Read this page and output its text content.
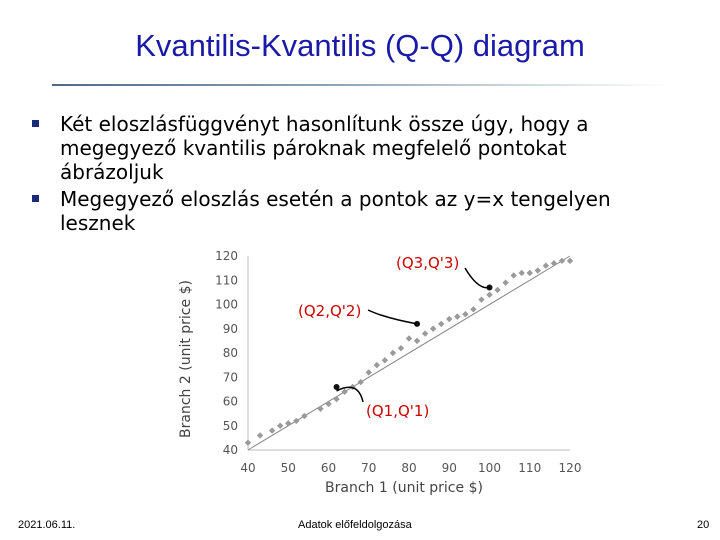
Kvantilis-Kvantilis (Q-Q) diagram
Két eloszlásfüggvényt hasonlítunk össze úgy, hogy a megegyező kvantilis pároknak megfelelő pontokat ábrázoljuk
Megegyező eloszlás esetén a pontok az y=x tengelyen lesznek
40 50 60 70 80 90 100 110 120
40
50
60
70
80
90
100
110
120
Branch 1 (unit price $)
Branch 2 (unit price $)
(Q3,Q'3)
(Q2,Q'2)
(Q1,Q'1)
2021.06.11.	Adatok előfeldolgozása	20
